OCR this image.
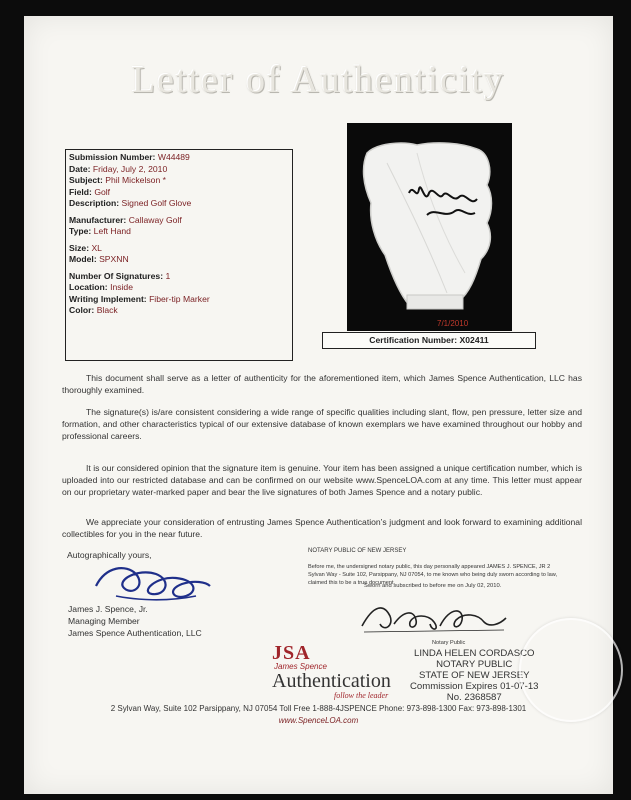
Letter of Authenticity
Submission Number: W44489
Date: Friday, July 2, 2010
Subject: Phil Mickelson *
Field: Golf
Description: Signed Golf Glove
Manufacturer: Callaway Golf
Type: Left Hand
Size: XL
Model: SPXNN
Number Of Signatures: 1
Location: Inside
Writing Implement: Fiber-tip Marker
Color: Black
7/1/2010
Certification Number: X02411
This document shall serve as a letter of authenticity for the aforementioned item, which James Spence Authentication, LLC has thoroughly examined.
The signature(s) is/are consistent considering a wide range of specific qualities including slant, flow, pen pressure, letter size and formation, and other characteristics typical of our extensive database of known exemplars we have examined throughout our hobby and professional careers.
It is our considered opinion that the signature item is genuine. Your item has been assigned a unique certification number, which is uploaded into our restricted database and can be confirmed on our website www.SpenceLOA.com at any time. This letter must appear on our proprietary water-marked paper and bear the live signatures of both James Spence and a notary public.
We appreciate your consideration of entrusting James Spence Authentication’s judgment and look forward to examining additional collectibles for you in the near future.
Autographically yours,
James J. Spence, Jr.
Managing Member
James Spence Authentication, LLC
NOTARY PUBLIC OF NEW JERSEY
Before me, the undersigned notary public, this day personally appeared JAMES J. SPENCE, JR 2 Sylvan Way - Suite 102, Parsippany, NJ 07054, to me known who being duly sworn according to law, claimed this to be a true document.
Sworn and subscribed to before me on July 02, 2010.
Notary Public
LINDA HELEN CORDASCO
NOTARY PUBLIC
STATE OF NEW JERSEY
Commission Expires 01-07-13
No. 2368587
JSA
James Spence
Authentication
follow the leader
2 Sylvan Way, Suite 102 Parsippany, NJ 07054 Toll Free 1-888-4JSPENCE Phone: 973-898-1300 Fax: 973-898-1301
www.SpenceLOA.com
